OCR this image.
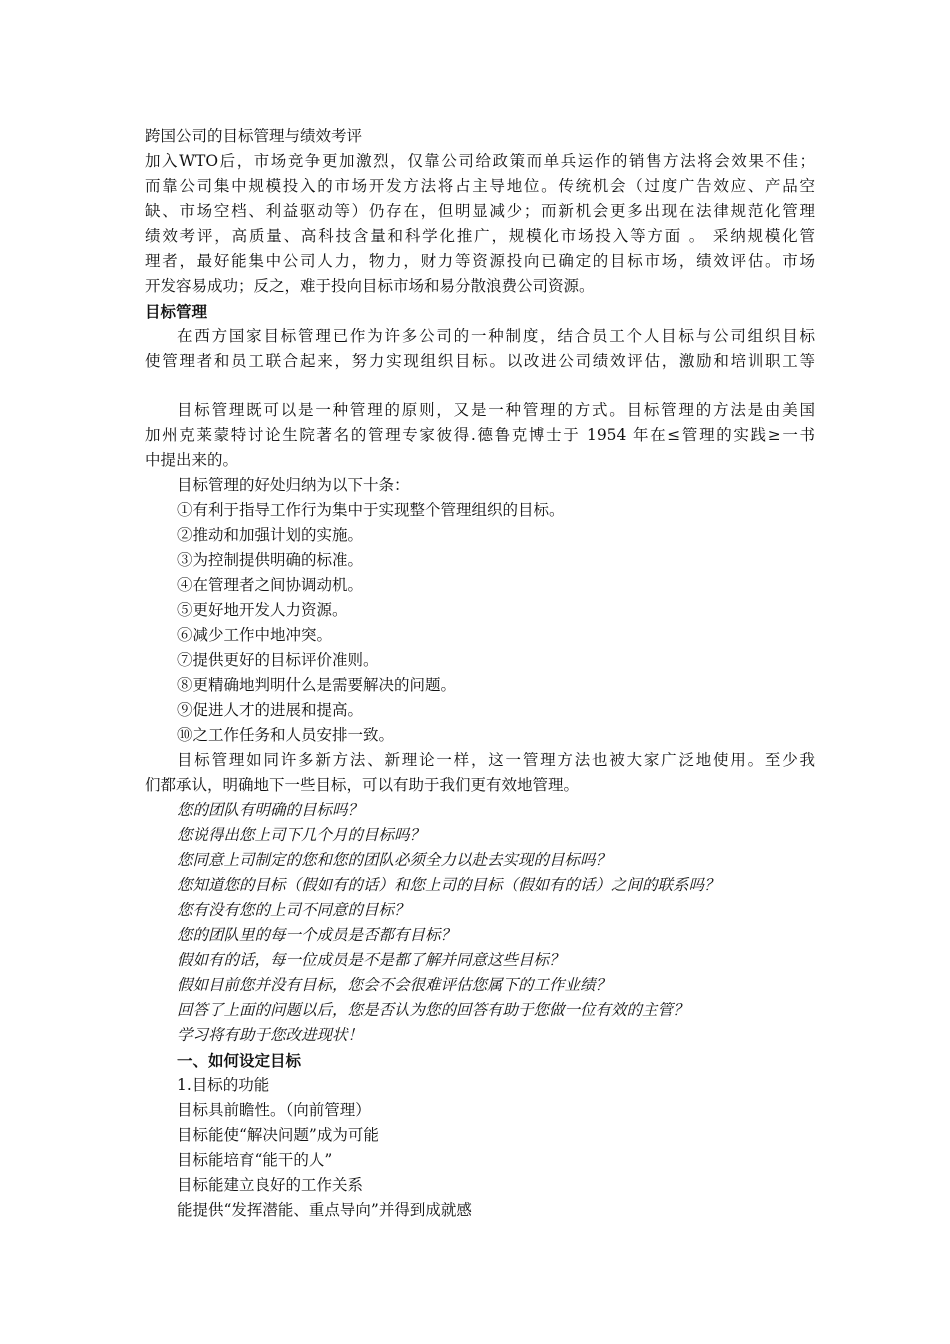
跨国公司的目标管理与绩效考评

加入WTO后，市场竞争更加激烈，仅靠公司给政策而单兵运作的销售方法将会效果不佳；

而靠公司集中规模投入的市场开发方法将占主导地位。传统机会（过度广告效应、产品空

缺、市场空档、利益驱动等）仍存在，但明显减少；而新机会更多出现在法律规范化管理

绩效考评，高质量、高科技含量和科学化推广，规模化市场投入等方面 。 采纳规模化管

理者，最好能集中公司人力，物力，财力等资源投向已确定的目标市场，绩效评估。市场

开发容易成功；反之，难于投向目标市场和易分散浪费公司资源。

目标管理

在西方国家目标管理已作为许多公司的一种制度，结合员工个人目标与公司组织目标

使管理者和员工联合起来，努力实现组织目标。以改进公司绩效评估，激励和培训职工等

目标管理既可以是一种管理的原则，又是一种管理的方式。目标管理的方法是由美国

加州克莱蒙特讨论生院著名的管理专家彼得.德鲁克博士于 1954 年在≤管理的实践≥一书

中提出来的。

目标管理的好处归纳为以下十条：

①有利于指导工作行为集中于实现整个管理组织的目标。

②推动和加强计划的实施。

③为控制提供明确的标准。

④在管理者之间协调动机。

⑤更好地开发人力资源。

⑥减少工作中地冲突。

⑦提供更好的目标评价准则。

⑧更精确地判明什么是需要解决的问题。

⑨促进人才的进展和提高。

⑩之工作任务和人员安排一致。

目标管理如同许多新方法、新理论一样，这一管理方法也被大家广泛地使用。至少我

们都承认，明确地下一些目标，可以有助于我们更有效地管理。

您的团队有明确的目标吗？

您说得出您上司下几个月的目标吗？

您同意上司制定的您和您的团队必须全力以赴去实现的目标吗？

您知道您的目标（假如有的话）和您上司的目标（假如有的话）之间的联系吗？

您有没有您的上司不同意的目标？

您的团队里的每一个成员是否都有目标？

假如有的话，每一位成员是不是都了解并同意这些目标？

假如目前您并没有目标，您会不会很难评估您属下的工作业绩？

回答了上面的问题以后，您是否认为您的回答有助于您做一位有效的主管？

学习将有助于您改进现状！

一、如何设定目标

1.目标的功能

目标具前瞻性。（向前管理）

目标能使“解决问题”成为可能

目标能培育“能干的人”

目标能建立良好的工作关系

能提供“发挥潜能、重点导向”并得到成就感
